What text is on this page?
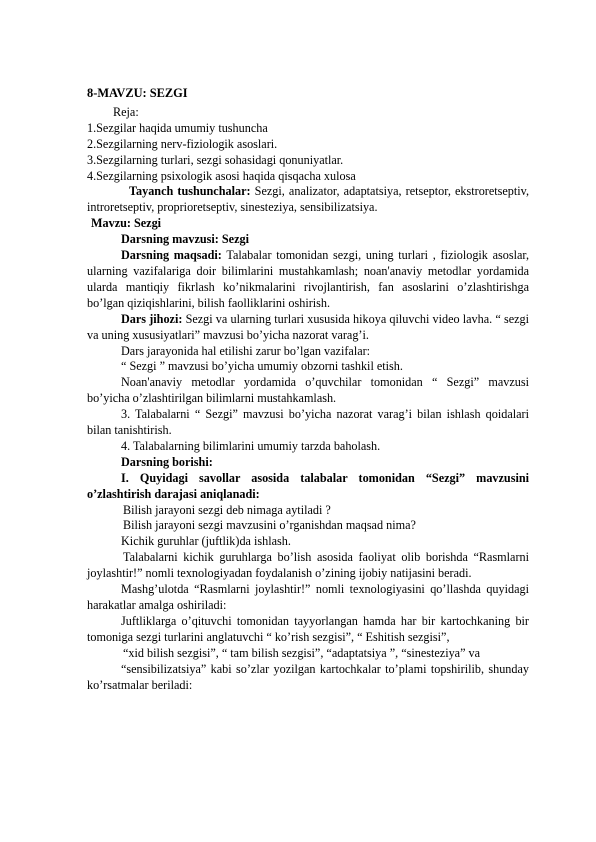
8-MAVZU: SEZGI

Reja:

1.Sezgilar haqida umumiy tushuncha

2.Sezgilarning nerv-fiziologik asoslari.

3.Sezgilarning turlari, sezgi sohasidagi qonuniyatlar.

4.Sezgilarning psixologik asosi haqida qisqacha xulosa

Tayanch tushunchalar: Sezgi, analizator, adaptatsiya, retseptor, ekstroretseptiv, introretseptiv, proprioretseptiv, sinesteziya, sensibilizatsiya.

Mavzu: Sezgi

Darsning mavzusi: Sezgi

Darsning maqsadi: Talabalar tomonidan sezgi, uning turlari , fiziologik asoslar, ularning vazifalariga doir bilimlarini mustahkamlash; noan'anaviy metodlar yordamida ularda mantiqiy fikrlash ko’nikmalarini rivojlantirish, fan asoslarini o’zlashtirishga bo’lgan qiziqishlarini, bilish faolliklarini oshirish.

Dars jihozi: Sezgi va ularning turlari xususida hikoya qiluvchi video lavha. “ sezgi va uning xususiyatlari” mavzusi bo’yicha nazorat varag’i.

Dars jarayonida hal etilishi zarur bo’lgan vazifalar:

“ Sezgi ” mavzusi bo’yicha umumiy obzorni tashkil etish.

Noan'anaviy metodlar yordamida o’quvchilar tomonidan “ Sezgi” mavzusi bo’yicha o’zlashtirilgan bilimlarni mustahkamlash.

3. Talabalarni “ Sezgi” mavzusi bo’yicha nazorat varag’i bilan ishlash qoidalari bilan tanishtirish.

4. Talabalarning bilimlarini umumiy tarzda baholash.

Darsning borishi:

I. Quyidagi savollar asosida talabalar tomonidan “Sezgi” mavzusini o’zlashtirish darajasi aniqlanadi:

Bilish jarayoni sezgi deb nimaga aytiladi ?

Bilish jarayoni sezgi mavzusini o’rganishdan maqsad nima?

Kichik guruhlar (juftlik)da ishlash.

Talabalarni kichik guruhlarga bo’lish asosida faoliyat olib borishda “Rasmlarni joylashtir!” nomli texnologiyadan foydalanish o’zining ijobiy natijasini beradi.

Mashg’ulotda “Rasmlarni joylashtir!” nomli texnologiyasini qo’llashda quyidagi harakatlar amalga oshiriladi:

Juftliklarga o’qituvchi tomonidan tayyorlangan hamda har bir kartochkaning bir tomoniga sezgi turlarini anglatuvchi “ ko’rish sezgisi”, “ Eshitish sezgisi”,

“xid bilish sezgisi”, “ tam bilish sezgisi”, “adaptatsiya ”, “sinesteziya” va

“sensibilizatsiya” kabi so’zlar yozilgan kartochkalar to’plami topshirilib, shunday ko’rsatmalar beriladi:
